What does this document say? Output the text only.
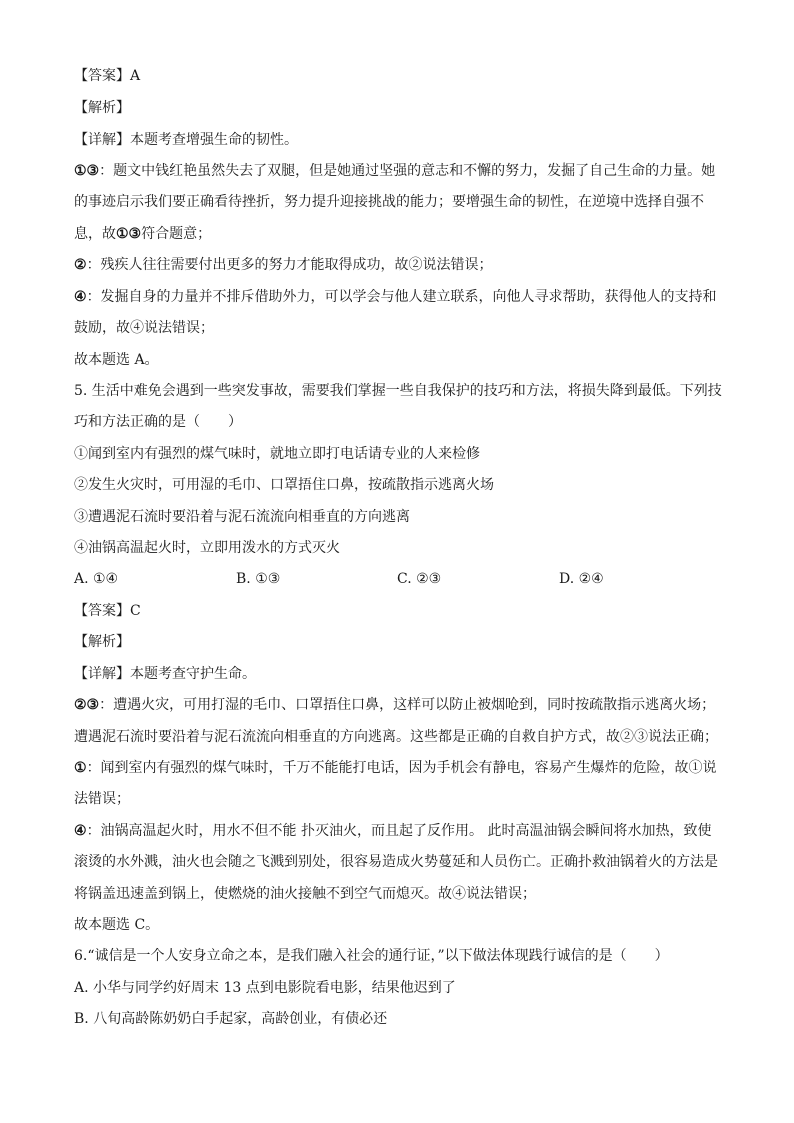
【答案】A
【解析】
【详解】本题考查增强生命的韧性。
①③：题文中钱红艳虽然失去了双腿，但是她通过坚强的意志和不懈的努力，发掘了自己生命的力量。她
的事迹启示我们要正确看待挫折，努力提升迎接挑战的能力；要增强生命的韧性，在逆境中选择自强不
息，故①③符合题意；
②：残疾人往往需要付出更多的努力才能取得成功，故②说法错误；
④：发掘自身的力量并不排斥借助外力，可以学会与他人建立联系，向他人寻求帮助，获得他人的支持和
鼓励，故④说法错误；
故本题选 A。
5. 生活中难免会遇到一些突发事故，需要我们掌握一些自我保护的技巧和方法，将损失降到最低。下列技
巧和方法正确的是（　　）
①闻到室内有强烈的煤气味时，就地立即打电话请专业的人来检修
②发生火灾时，可用湿的毛巾、口罩捂住口鼻，按疏散指示逃离火场
③遭遇泥石流时要沿着与泥石流流向相垂直的方向逃离
④油锅高温起火时，立即用泼水的方式灭火
A. ①④	B. ①③	C. ②③	D. ②④
【答案】C
【解析】
【详解】本题考查守护生命。
②③：遭遇火灾，可用打湿的毛巾、口罩捂住口鼻，这样可以防止被烟呛到，同时按疏散指示逃离火场；
遭遇泥石流时要沿着与泥石流流向相垂直的方向逃离。这些都是正确的自救自护方式，故②③说法正确；
①：闻到室内有强烈的煤气味时，千万不能能打电话，因为手机会有静电，容易产生爆炸的危险，故①说
法错误；
④：油锅高温起火时，用水不但不能 扑灭油火，而且起了反作用。 此时高温油锅会瞬间将水加热，致使
滚烫的水外溅，油火也会随之飞溅到别处，很容易造成火势蔓延和人员伤亡。正确扑救油锅着火的方法是
将锅盖迅速盖到锅上，使燃烧的油火接触不到空气而熄灭。故④说法错误；
故本题选 C。
6.“诚信是一个人安身立命之本，是我们融入社会的通行证，”以下做法体现践行诚信的是（　　）
A. 小华与同学约好周末 13 点到电影院看电影，结果他迟到了
B. 八旬高龄陈奶奶白手起家，高龄创业，有债必还
